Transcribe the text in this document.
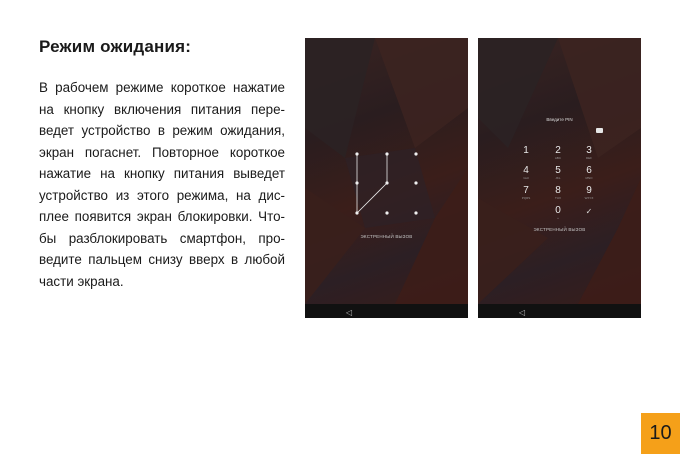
Режим ожидания:
В рабочем режиме короткое нажатие
на кнопку включения питания пере-
ведет устройство в режим ожидания,
экран погаснет. Повторное короткое
нажатие на кнопку питания выведет
устройство из этого режима, на дис-
плее появится экран блокировки. Что-
бы разблокировать смартфон, про-
ведите пальцем снизу вверх в любой
части экрана.
ЭКСТРЕННЫЙ ВЫЗОВ
◁
Введите PIN
1	2
ABC
3
DEF
4
GHI
5
JKL
6
MNO
7
PQRS
8
TUV
9
WXYZ
0
+
✓
ЭКСТРЕННЫЙ ВЫЗОВ
◁
10
